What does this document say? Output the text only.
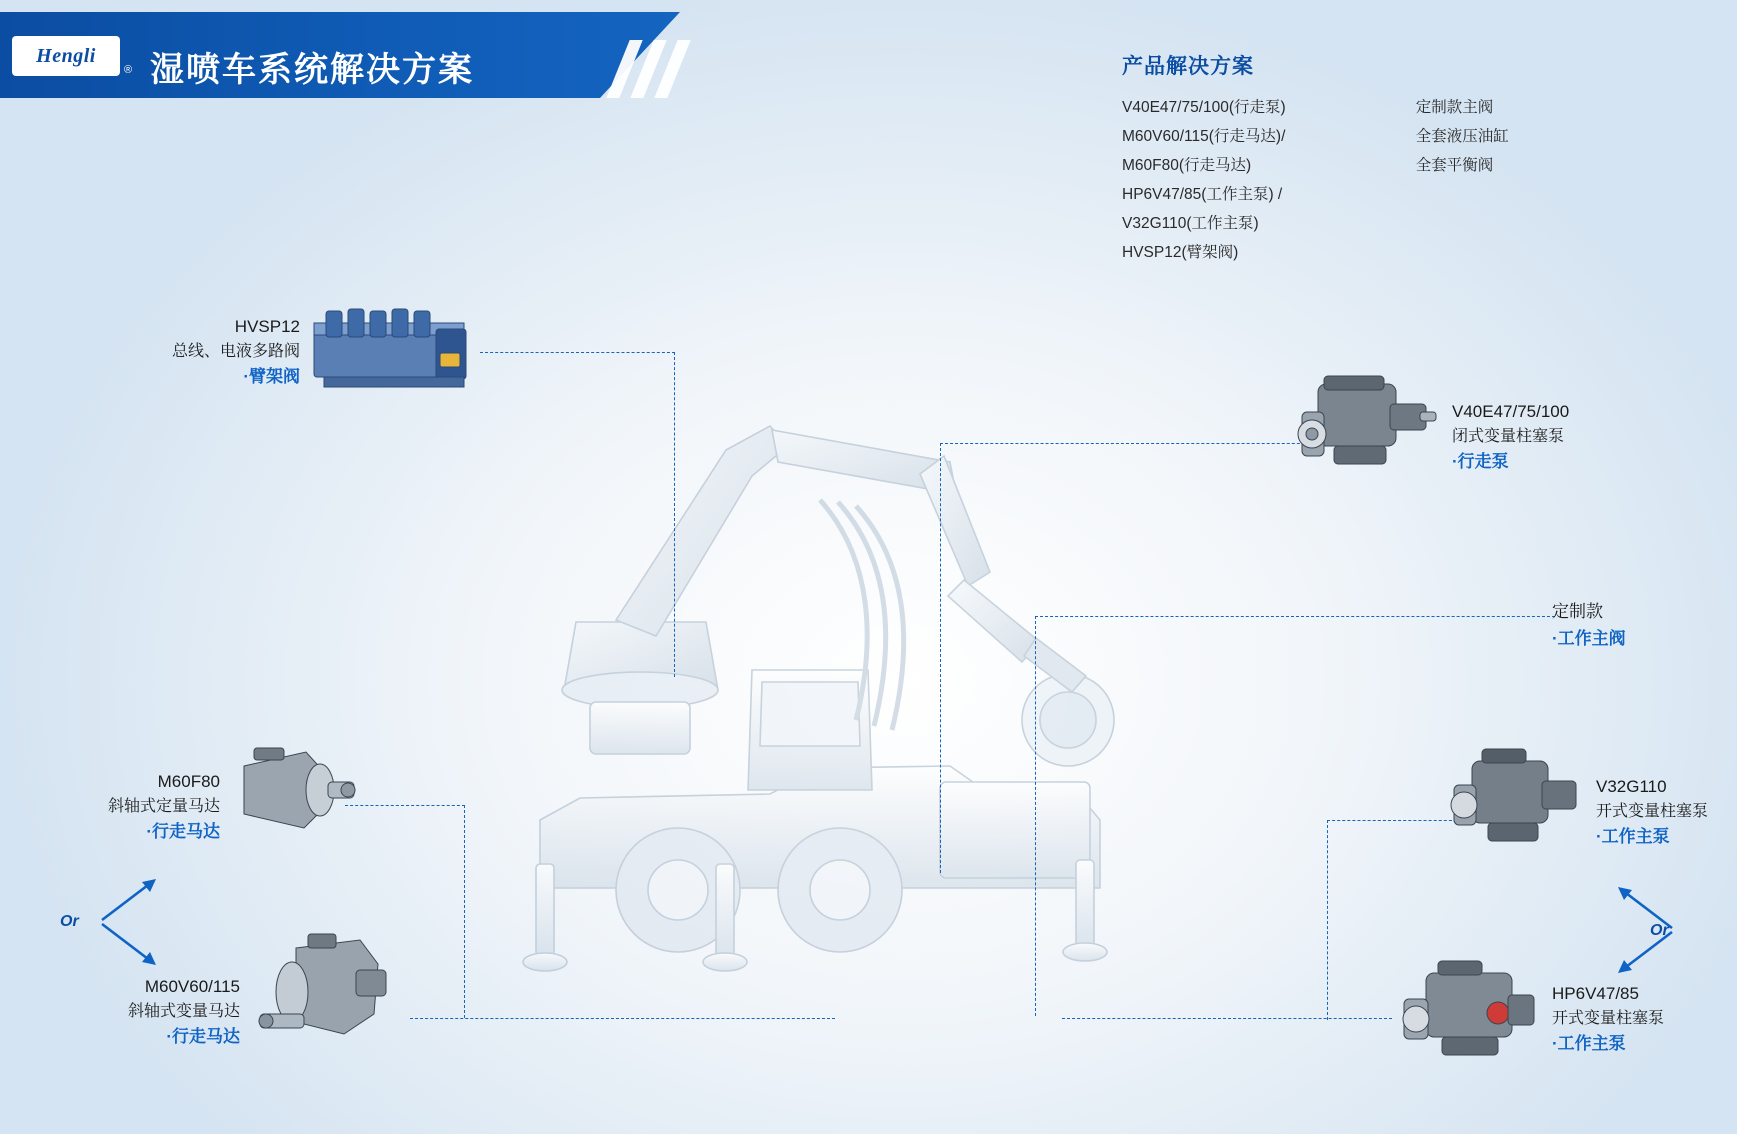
Hengli
® 湿喷车系统解决方案	产品解决方案

V40E47/75/100(行走泵)

M60V60/115(行走马达)/

M60F80(行走马达)

HP6V47/85(工作主泵) /

V32G110(工作主泵)

HVSP12(臂架阀)

定制款主阀

全套液压油缸

全套平衡阀

HVSP12
总线、电液多路阀
·臂架阀
V40E47/75/100
闭式变量柱塞泵
·行走泵
定制款
·工作主阀
M60F80
斜轴式定量马达
·行走马达
Or
M60V60/115
斜轴式变量马达
·行走马达
V32G110
开式变量柱塞泵
·工作主泵
Or
HP6V47/85
开式变量柱塞泵
·工作主泵
